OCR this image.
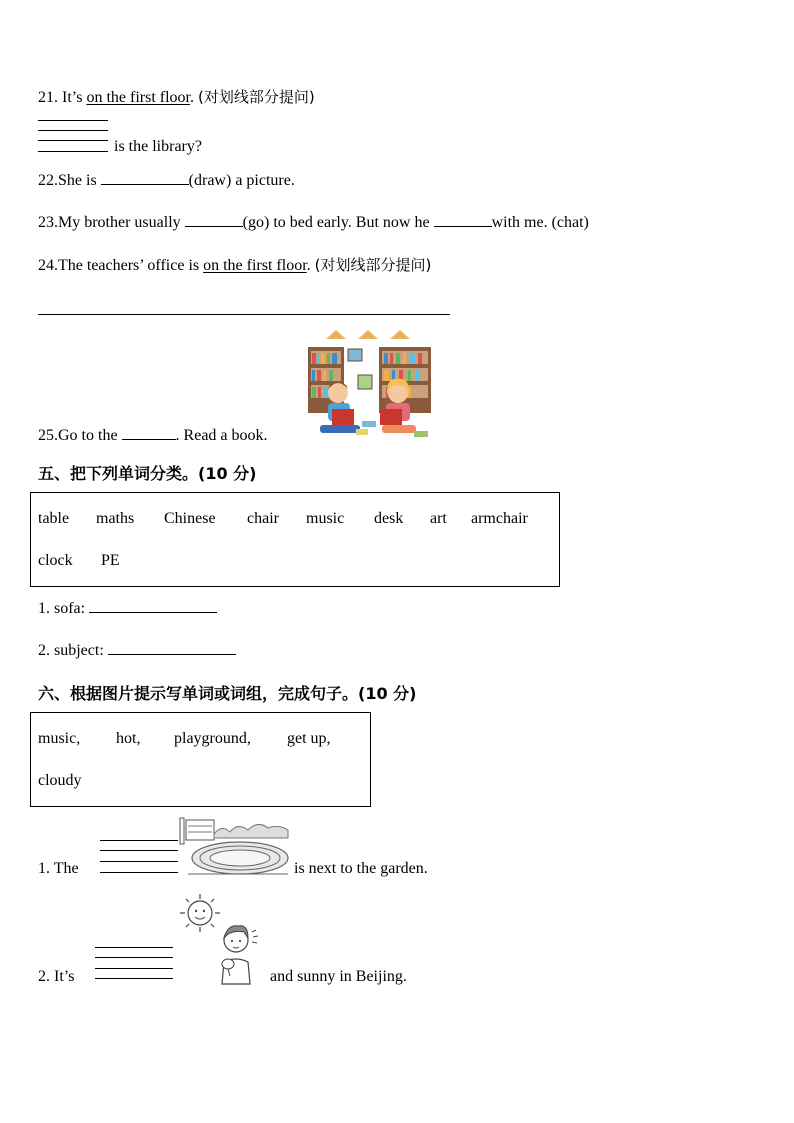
21. It’s on the first floor. (对划线部分提问)
is the library?
22.She is	(draw) a picture.
23.My brother usually	(go) to bed early. But now he	with me. (chat)
24.The teachers’ office is on the first floor. (对划线部分提问)
25.Go to the	. Read a book.
五、把下列单词分类。(10 分)
table maths Chinese chair music desk art armchair
clock PE
1. sofa:
2. subject:
六、根据图片提示写单词或词组，完成句子。(10 分)
music, hot, playground, get up,
cloudy
1. The	is next to the garden.
2. It’s	and sunny in Beijing.
